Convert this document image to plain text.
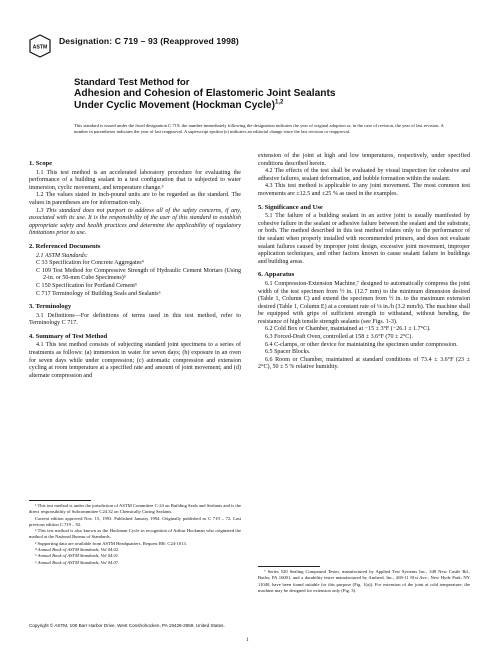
ASTM
Designation: C 719 – 93 (Reapproved 1998)
Standard Test Method for
Adhesion and Cohesion of Elastomeric Joint Sealants
Under Cyclic Movement (Hockman Cycle)$^{1,2}$
This standard is issued under the fixed designation C 719; the number immediately following the designation indicates the year of original adoption or, in the case of revision, the year of last revision. A number in parentheses indicates the year of last reapproval. A superscript epsilon (ε) indicates an editorial change since the last revision or reapproval.
1. Scope

1.1 This test method is an accelerated laboratory procedure for evaluating the performance of a building sealant in a test configuration that is subjected to water immersion, cyclic movement, and temperature change.³

1.2 The values stated in inch-pound units are to be regarded as the standard. The values in parentheses are for information only.

1.3 This standard does not purport to address all of the safety concerns, if any, associated with its use. It is the responsibility of the user of this standard to establish appropriate safety and health practices and determine the applicability of regulatory limitations prior to use.

2. Referenced Documents

2.1 ASTM Standards:

C 33 Specification for Concrete Aggregates⁴

C 109 Test Method for Compressive Strength of Hydraulic Cement Mortars (Using 2-in. or 50-mm Cube Specimens)⁵

C 150 Specification for Portland Cement⁵

C 717 Terminology of Building Seals and Sealants⁶

3. Terminology

3.1 Definitions—For definitions of terms used in this test method, refer to Terminology C 717.

4. Summary of Test Method

4.1 This test method consists of subjecting standard joint specimens to a series of treatments as follows: (a) immersion in water for seven days; (b) exposure in an oven for seven days while under compression; (c) automatic compression and extension cycling at room temperature at a specified rate and amount of joint movement; and (d) alternate compression and

extension of the joint at high and low temperatures, respectively, under specified conditions described herein.

4.2 The effects of the test shall be evaluated by visual inspection for cohesive and adhesive failures, sealant deformation, and bubble formation within the sealant.

4.3 This test method is applicable to any joint movement. The most common test movements are ±12.5 and ±25 % as used in the examples.

5. Significance and Use

5.1 The failure of a building sealant in an active joint is usually manifested by cohesive failure in the sealant or adhesive failure between the sealant and the substrate, or both. The method described in this test method relates only to the performance of the sealant when properly installed with recommended primers, and does not evaluate sealant failures caused by improper joint design, excessive joint movement, improper application techniques, and other factors known to cause sealant failure in buildings and building areas.

6. Apparatus

6.1 Compression-Extension Machine,⁷ designed to automatically compress the joint width of the test specimen from ½ in. (12.7 mm) to the minimum dimension desired (Table 1, Column C) and extend the specimen from ½ in. to the maximum extension desired (Table 1, Column E) at a constant rate of ⅛ in./h (3.2 mm/h). The machine shall be equipped with grips of sufficient strength to withstand, without bending, the resistance of high tensile strength sealants (see Figs. 1-3).

6.2 Cold Box or Chamber, maintained at −15 ± 3°F (−26.1 ± 1.7°C).

6.3 Forced-Draft Oven, controlled at 158 ± 3.6°F (70 ± 2°C).

6.4 C-clamps, or other device for maintaining the specimen under compression.

6.5 Spacer Blocks.

6.6 Room or Chamber, maintained at standard conditions of 73.4 ± 3.6°F (23 ± 2°C), 50 ± 5 % relative humidity.

¹ This test method is under the jurisdiction of ASTM Committee C-24 on Building Seals and Sealants and is the direct responsibility of Subcommittee C24.32 on Chemically Curing Sealants.

Current edition approved Nov. 15, 1993. Published January 1994. Originally published as C 719 – 72. Last previous edition C 719 – 92.

² This test method is also known as the Hockman Cycle in recognition of Arthur Hockman who originated the method at the National Bureau of Standards.

³ Supporting data are available from ASTM Headquarters. Request RR: C24-1013.

⁴ Annual Book of ASTM Standards, Vol 04.02.

⁵ Annual Book of ASTM Standards, Vol 04.01.

⁶ Annual Book of ASTM Standards, Vol 04.07.

⁷ Series 520 Sealing Compound Tester, manufactured by Applied Test Systems Inc., 348 New Castle Rd., Butler, PA 16001, and a durability tester manufactured by Amherd, Inc., 269-11 81st Ave., New Hyde Park, NY 11040, have been found suitable for this purpose (Fig. 1(a)). For extension of the joint at cold temperature, the machine may be designed for extension only (Fig. 3).

Copyright © ASTM, 100 Barr Harbor Drive, West Conshohocken, PA 19428-2959, United States.
1
